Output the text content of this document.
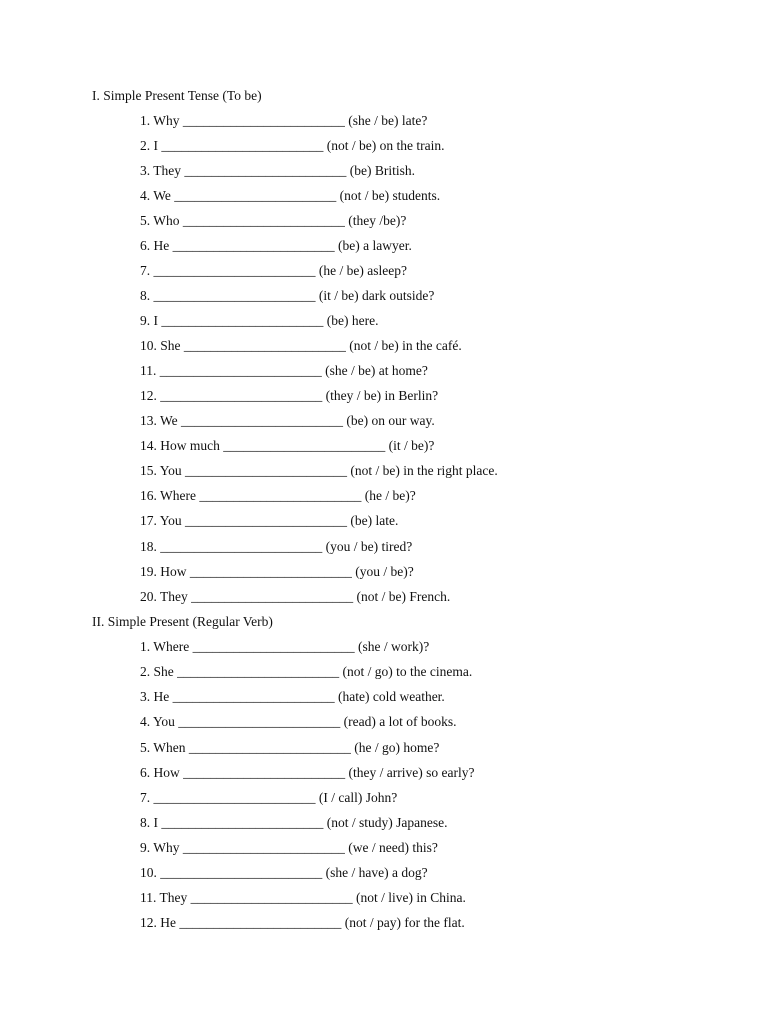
I. Simple Present Tense (To be)
1. Why ________________________ (she / be) late?
2. I ________________________ (not / be) on the train.
3. They ________________________ (be) British.
4. We ________________________ (not / be) students.
5. Who ________________________ (they /be)?
6. He ________________________ (be) a lawyer.
7. ________________________ (he / be) asleep?
8. ________________________ (it / be) dark outside?
9. I ________________________ (be) here.
10. She ________________________ (not / be) in the café.
11. ________________________ (she / be) at home?
12. ________________________ (they / be) in Berlin?
13. We ________________________ (be) on our way.
14. How much ________________________ (it / be)?
15. You ________________________ (not / be) in the right place.
16. Where ________________________ (he / be)?
17. You ________________________ (be) late.
18. ________________________ (you / be) tired?
19. How ________________________ (you / be)?
20. They ________________________ (not / be) French.
II. Simple Present (Regular Verb)
1. Where ________________________ (she / work)?
2. She ________________________ (not / go) to the cinema.
3. He ________________________ (hate) cold weather.
4. You ________________________ (read) a lot of books.
5. When ________________________ (he / go) home?
6. How ________________________ (they / arrive) so early?
7. ________________________ (I / call) John?
8. I ________________________ (not / study) Japanese.
9. Why ________________________ (we / need) this?
10. ________________________ (she / have) a dog?
11. They ________________________ (not / live) in China.
12. He ________________________ (not / pay) for the flat.
